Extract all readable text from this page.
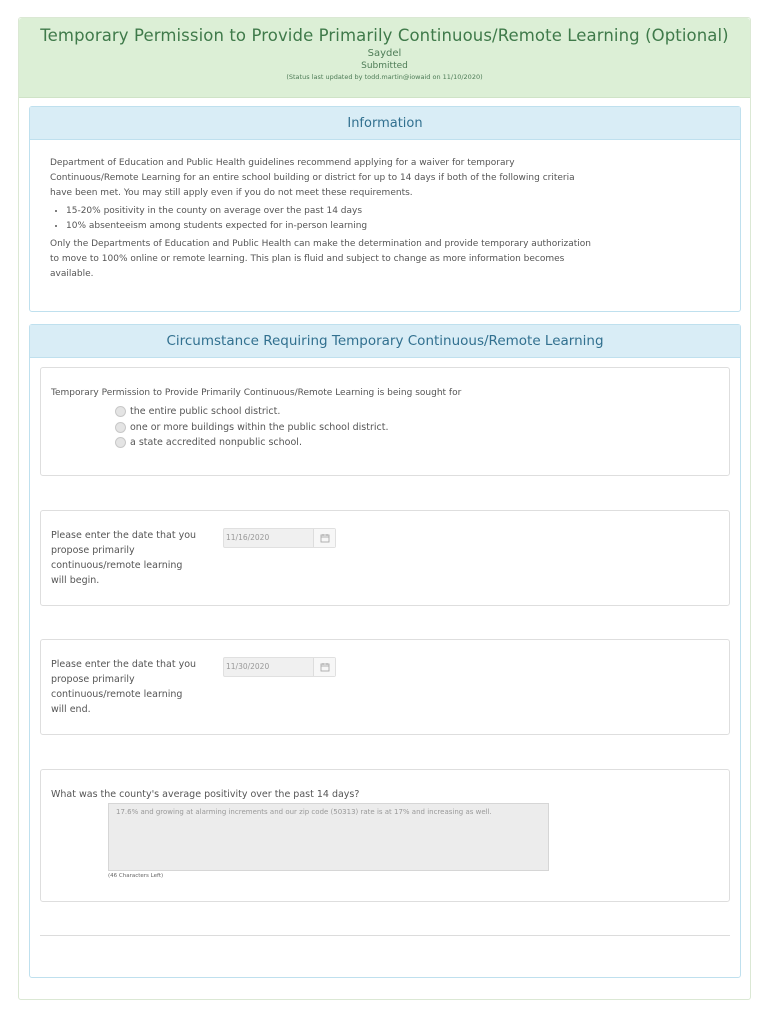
Temporary Permission to Provide Primarily Continuous/Remote Learning (Optional)
Saydel
Submitted
(Status last updated by todd.martin@iowaid on 11/10/2020)
Information

Department of Education and Public Health guidelines recommend applying for a waiver for temporary Continuous/Remote Learning for an entire school building or district for up to 14 days if both of the following criteria have been met. You may still apply even if you do not meet these requirements.

• 15-20% positivity in the county on average over the past 14 days
• 10% absenteeism among students expected for in-person learning

Only the Departments of Education and Public Health can make the determination and provide temporary authorization to move to 100% online or remote learning. This plan is fluid and subject to change as more information becomes available.

Circumstance Requiring Temporary Continuous/Remote Learning
Temporary Permission to Provide Primarily Continuous/Remote Learning is being sought for
the entire public school district.
one or more buildings within the public school district.
a state accredited nonpublic school.
Please enter the date that you propose primarily continuous/remote learning will begin.
11/16/2020
Please enter the date that you propose primarily continuous/remote learning will end.
11/30/2020
What was the county's average positivity over the past 14 days?
17.6% and growing at alarming increments and our zip code (50313) rate is at 17% and increasing as well.
(46 Characters Left)
